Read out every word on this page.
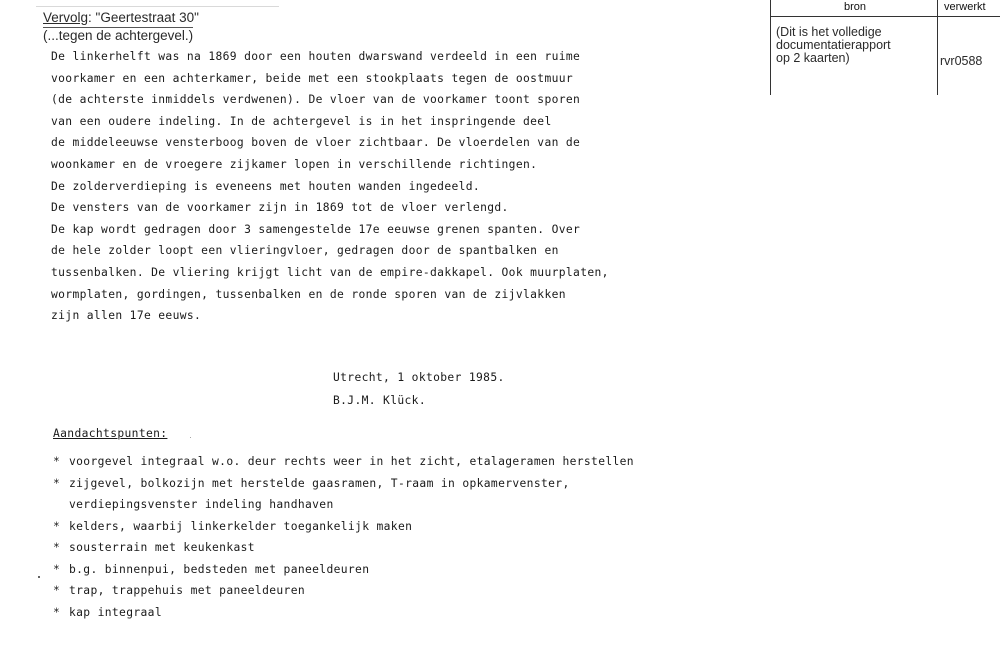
Vervolg: "Geertestraat 30"
(...tegen de achtergevel.)
De linkerhelft was na 1869 door een houten dwarswand verdeeld in een ruime
voorkamer en een achterkamer, beide met een stookplaats tegen de oostmuur
(de achterste inmiddels verdwenen). De vloer van de voorkamer toont sporen
van een oudere indeling. In de achtergevel is in het inspringende deel
de middeleeuwse vensterboog boven de vloer zichtbaar. De vloerdelen van de
woonkamer en de vroegere zijkamer lopen in verschillende richtingen.
De zolderverdieping is eveneens met houten wanden ingedeeld.
De vensters van de voorkamer zijn in 1869 tot de vloer verlengd.
De kap wordt gedragen door 3 samengestelde 17e eeuwse grenen spanten. Over
de hele zolder loopt een vlieringvloer, gedragen door de spantbalken en
tussenbalken. De vliering krijgt licht van de empire-dakkapel. Ook muurplaten,
wormplaten, gordingen, tussenbalken en de ronde sporen van de zijvlakken
zijn allen 17e eeuws.
Utrecht, 1 oktober 1985.
B.J.M. Klück.
Aandachtspunten:
* voorgevel integraal w.o. deur rechts weer in het zicht, etalageramen herstellen
* zijgevel, bolkozijn met herstelde gaasramen, T-raam in opkamervenster,
verdiepingsvenster indeling handhaven
* kelders, waarbij linkerkelder toegankelijk maken
* sousterrain met keukenkast
* b.g. binnenpui, bedsteden met paneeldeuren
* trap, trappehuis met paneeldeuren
* kap integraal
bron	verwerkt
(Dit is het volledige
documentatierapport
op 2 kaarten)	rvr0588
